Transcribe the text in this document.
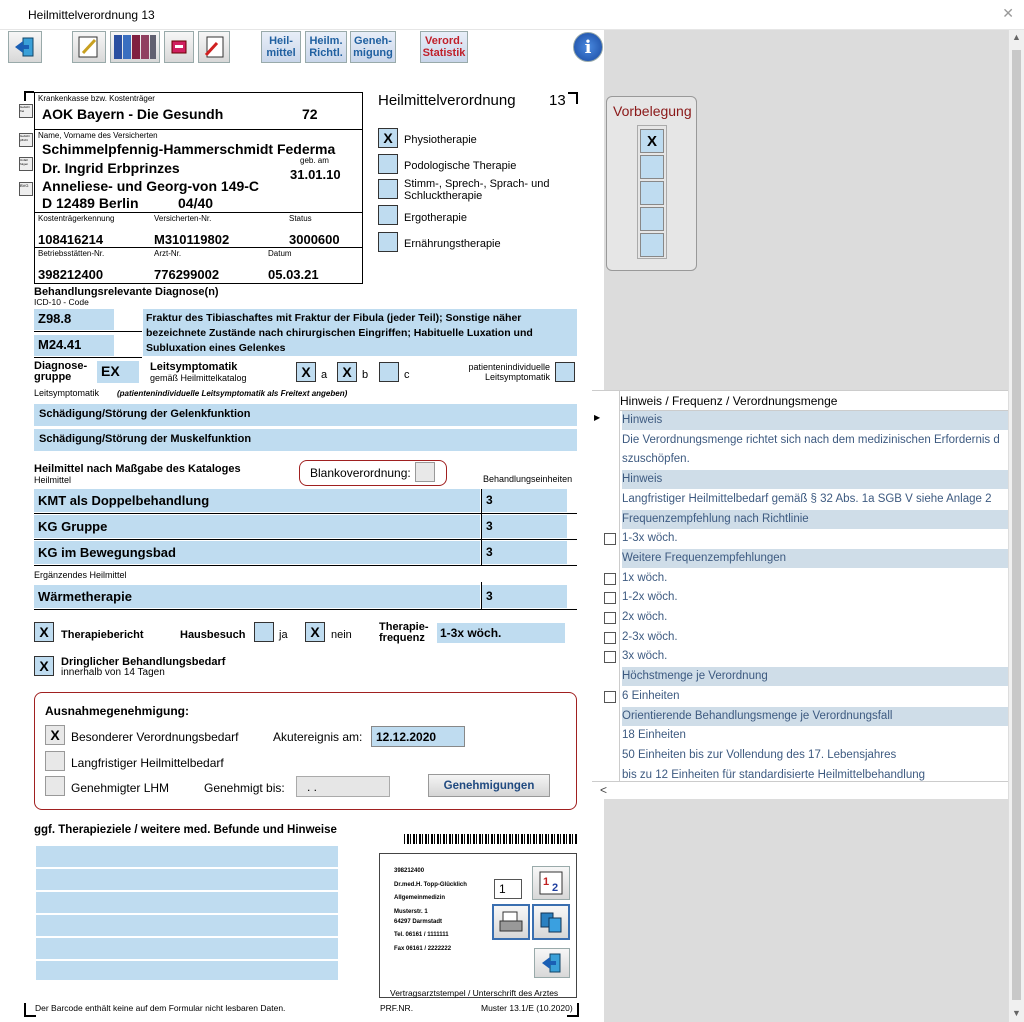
Heilmittelverordnung 13	✕
▲
▼
Heil-
mittel
Heilm.
Richtl.
Geneh-
migung
Verord.
Statistik	i
Krankenkasse bzw. Kostenträger
AOK Bayern - Die Gesundh	72
Name, Vorname des Versicherten
Schimmelpfennig-Hammerschmidt Federma
Dr. Ingrid Erbprinzes	geb. am
31.01.10
Anneliese- und Georg-von 149-C
D 12489 Berlin	04/40
Kostenträgerkennung	Versicherten-Nr.	Status
108416214	M310119802	3000600
Betriebsstätten-Nr.	Arzt-Nr.	Datum
398212400	776299002	05.03.21
Gebühr frei
Gebühr pflicht
Unfall folgen
BVG
Heilmittelverordnung 13
X	Physiotherapie
Podologische Therapie
Stimm-, Sprech-, Sprach- und Schlucktherapie
Ergotherapie
Ernährungstherapie
Vorbelegung
X
Behandlungsrelevante Diagnose(n)
ICD-10 - Code
Z98.8
M24.41
Fraktur des Tibiaschaftes mit Fraktur der Fibula (jeder Teil); Sonstige näher bezeichnete Zustände nach chirurgischen Eingriffen; Habituelle Luxation und Subluxation eines Gelenkes
Diagnose-
gruppe	EX	Leitsymptomatik
gemäß Heilmittelkatalog	X a	X b	c
patientenindividuelle
Leitsymptomatik
Leitsymptomatik (patientenindividuelle Leitsymptomatik als Freitext angeben)
Schädigung/Störung der Gelenkfunktion
Schädigung/Störung der Muskelfunktion
Heilmittel nach Maßgabe des Kataloges
Heilmittel	Blankoverordnung:	Behandlungseinheiten
KMT als Doppelbehandlung	3
KG Gruppe	3
KG im Bewegungsbad	3
Ergänzendes Heilmittel
Wärmetherapie	3
X	Therapiebericht	Hausbesuch	ja	X	nein
Therapie-
frequenz	1-3x wöch.
X	Dringlicher Behandlungsbedarf
innerhalb von 14 Tagen
Ausnahmegenehmigung:
X Besonderer Verordnungsbedarf	Akutereignis am:	12.12.2020
Langfristiger Heilmittelbedarf
Genehmigter LHM	Genehmigt bis:	. .	Genehmigungen
ggf. Therapieziele / weitere med. Befunde und Hinweise
398212400
Dr.med.H. Topp-Glücklich
Allgemeinmedizin
Musterstr. 1
64297 Darmstadt
Tel. 06161 / 1111111
Fax 06161 / 2222222
1	1 2
Vertragsarztstempel / Unterschrift des Arztes
Der Barcode enthält keine auf dem Formular nicht lesbaren Daten.	PRF.NR.	Muster 13.1/E (10.2020)
Hinweis / Frequenz / Verordnungsmenge
▶ Hinweis
Die Verordnungsmenge richtet sich nach dem medizinischen Erfordernis d
szuschöpfen.
Hinweis
Langfristiger Heilmittelbedarf gemäß § 32 Abs. 1a SGB V siehe Anlage 2
Frequenzempfehlung nach Richtlinie
1-3x wöch.
Weitere Frequenzempfehlungen
1x wöch.
1-2x wöch.
2x wöch.
2-3x wöch.
3x wöch.
Höchstmenge je Verordnung
6 Einheiten
Orientierende Behandlungsmenge je Verordnungsfall
18 Einheiten
50 Einheiten bis zur Vollendung des 17. Lebensjahres
bis zu 12 Einheiten für standardisierte Heilmittelbehandlung
<
